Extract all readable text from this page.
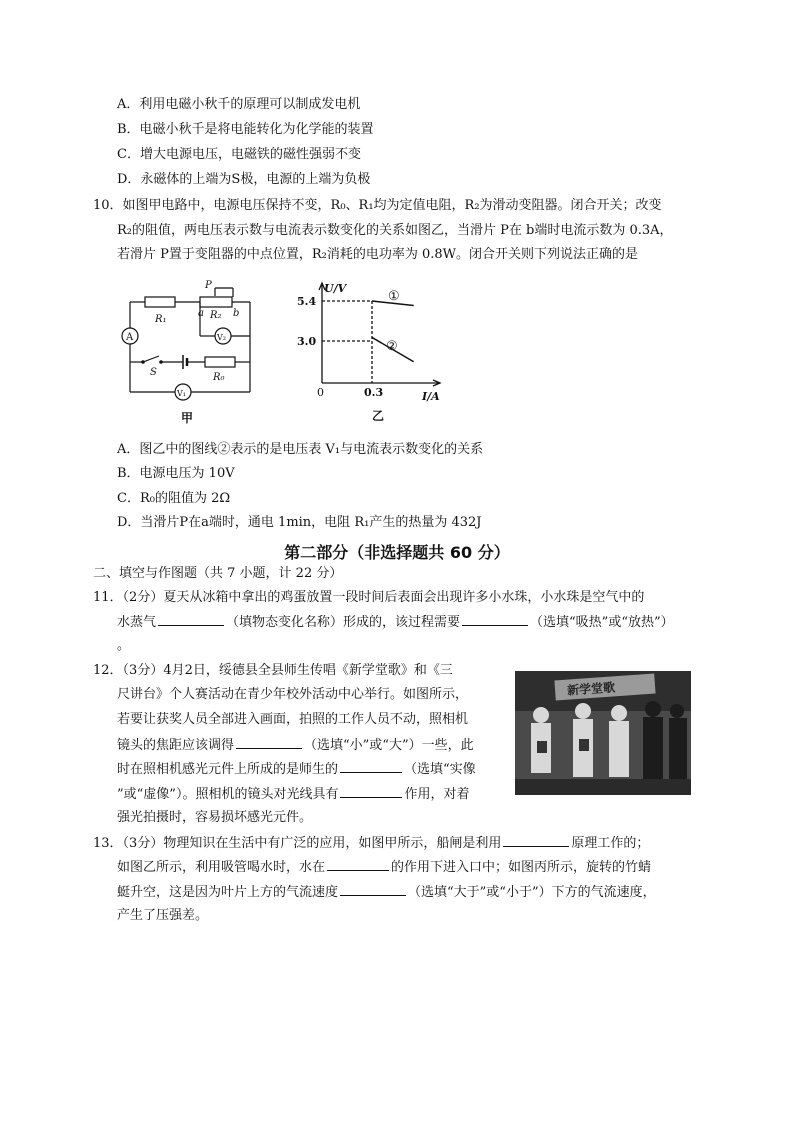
A．利用电磁小秋千的原理可以制成发电机
B．电磁小秋千是将电能转化为化学能的装置
C．增大电源电压，电磁铁的磁性强弱不变
D．永磁体的上端为S极，电源的上端为负极
10．如图甲电路中，电源电压保持不变，R₀、R₁均为定值电阻，R₂为滑动变阻器。闭合开关；改变
R₂的阻值，两电压表示数与电流表示数变化的关系如图乙，当滑片 P在 b端时电流示数为 0.3A，
若滑片 P置于变阻器的中点位置，R₂消耗的电功率为 0.8W。闭合开关则下列说法正确的是
P
R₁
a R₂ b
A	V₂
S	R₀
V₁
甲
U/V
I/A
0
5.4
3.0
0.3
①
②
乙
A．图乙中的图线②表示的是电压表 V₁与电流表示数变化的关系
B．电源电压为 10V
C．R₀的阻值为 2Ω
D．当滑片P在a端时，通电 1min，电阻 R₁产生的热量为 432J
第二部分（非选择题共 60 分）
二、填空与作图题（共 7 小题，计 22 分）
11．（2分）夏天从冰箱中拿出的鸡蛋放置一段时间后表面会出现许多小水珠，小水珠是空气中的
水蒸气	（填物态变化名称）形成的，该过程需要	（选填“吸热”或“放热”）
。
12．（3分）4月2日，绥德县全县师生传唱《新学堂歌》和《三
尺讲台》个人赛活动在青少年校外活动中心举行。如图所示，
若要让获奖人员全部进入画面，拍照的工作人员不动，照相机
镜头的焦距应该调得	（选填“小”或“大”）一些，此
时在照相机感光元件上所成的是师生的	（选填“实像
”或“虚像”）。照相机的镜头对光线具有	作用，对着
强光拍摄时，容易损坏感光元件。
新学堂歌
13．（3分）物理知识在生活中有广泛的应用，如图甲所示，船闸是利用	原理工作的；
如图乙所示，利用吸管喝水时，水在	的作用下进入口中；如图丙所示，旋转的竹蜻
蜓升空，这是因为叶片上方的气流速度	（选填“大于”或“小于”）下方的气流速度，
产生了压强差。
